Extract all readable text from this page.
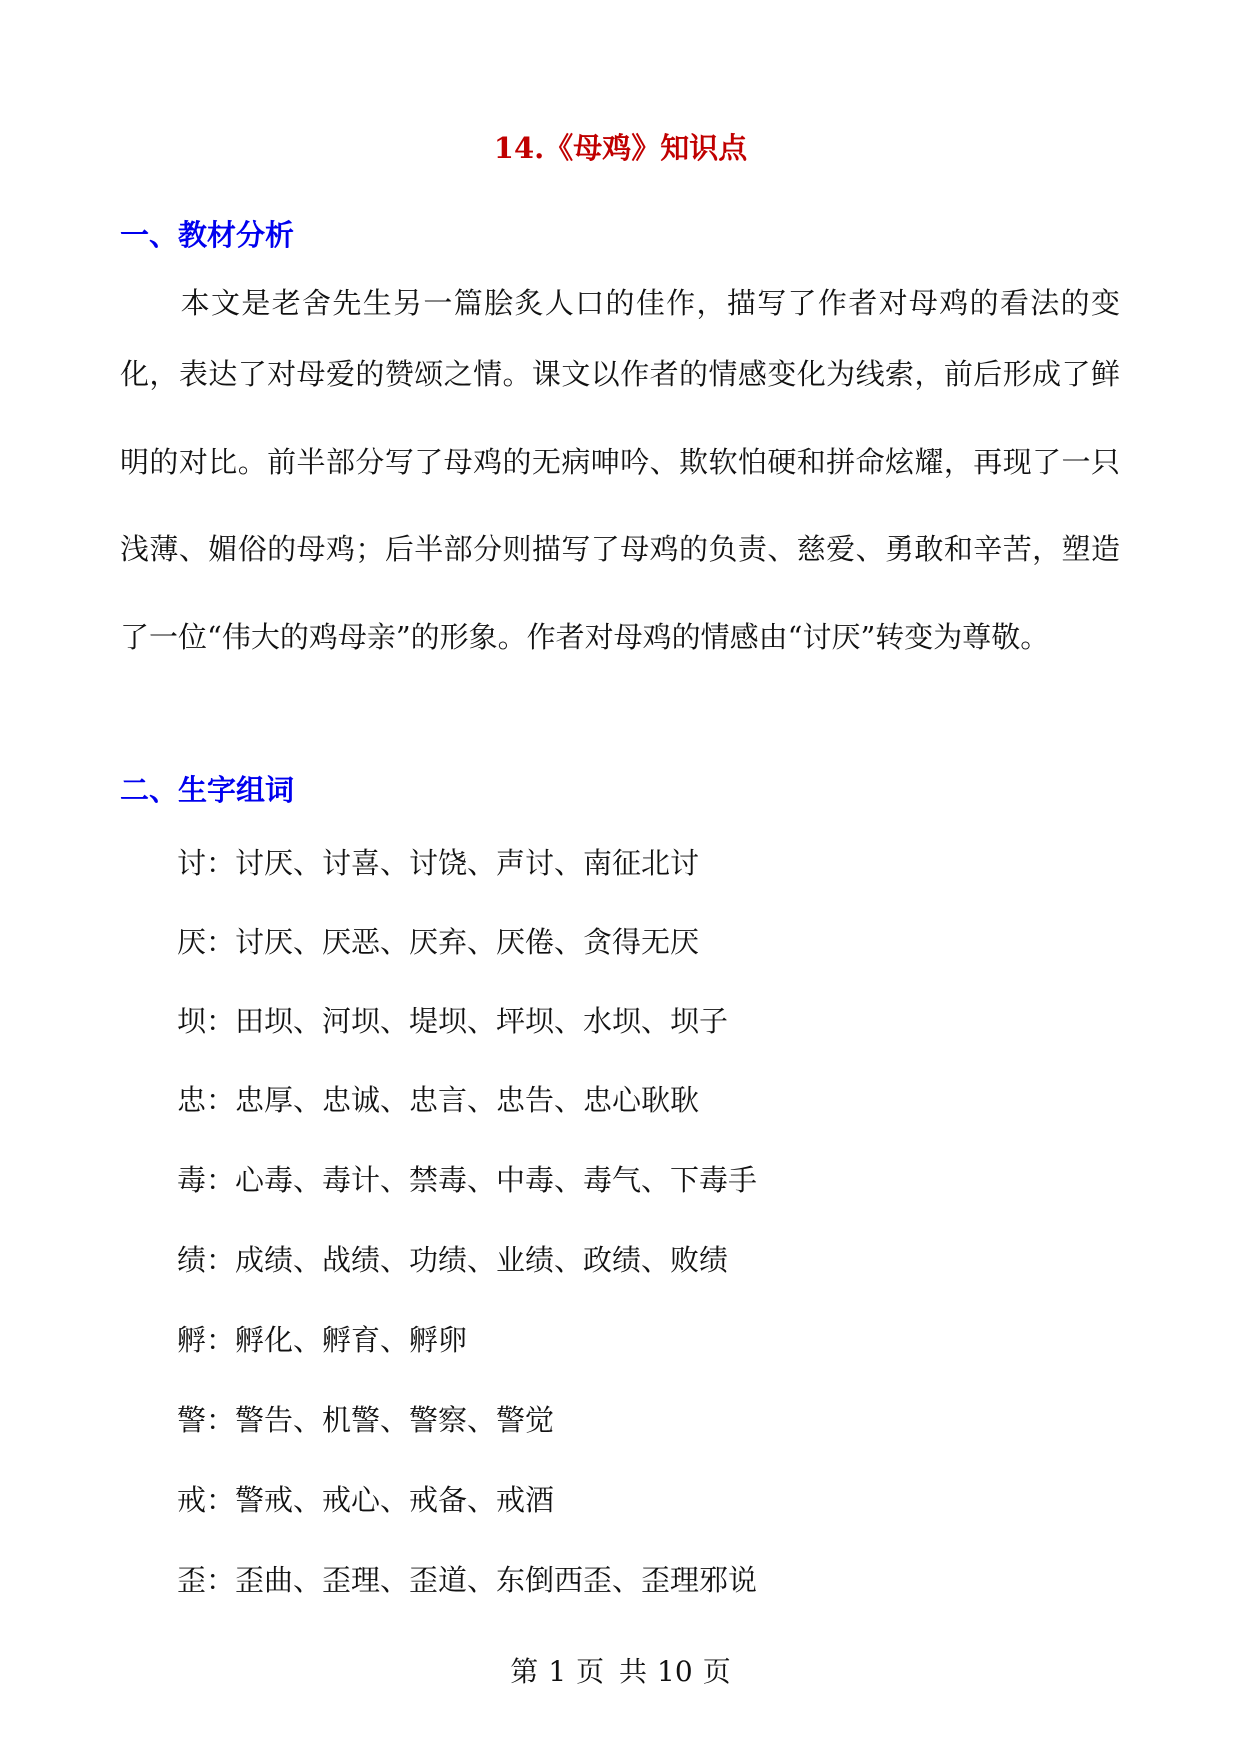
14.《母鸡》知识点
一、教材分析
　　本文是老舍先生另一篇脍炙人口的佳作，描写了作者对母鸡的看法的变
化，表达了对母爱的赞颂之情。课文以作者的情感变化为线索，前后形成了鲜
明的对比。前半部分写了母鸡的无病呻吟、欺软怕硬和拼命炫耀，再现了一只
浅薄、媚俗的母鸡；后半部分则描写了母鸡的负责、慈爱、勇敢和辛苦，塑造
了一位“伟大的鸡母亲”的形象。作者对母鸡的情感由“讨厌”转变为尊敬。
二、生字组词
讨：讨厌、讨喜、讨饶、声讨、南征北讨
厌：讨厌、厌恶、厌弃、厌倦、贪得无厌
坝：田坝、河坝、堤坝、坪坝、水坝、坝子
忠：忠厚、忠诚、忠言、忠告、忠心耿耿
毒：心毒、毒计、禁毒、中毒、毒气、下毒手
绩：成绩、战绩、功绩、业绩、政绩、败绩
孵：孵化、孵育、孵卵
警：警告、机警、警察、警觉
戒：警戒、戒心、戒备、戒酒
歪：歪曲、歪理、歪道、东倒西歪、歪理邪说
第 1 页 共 10 页
